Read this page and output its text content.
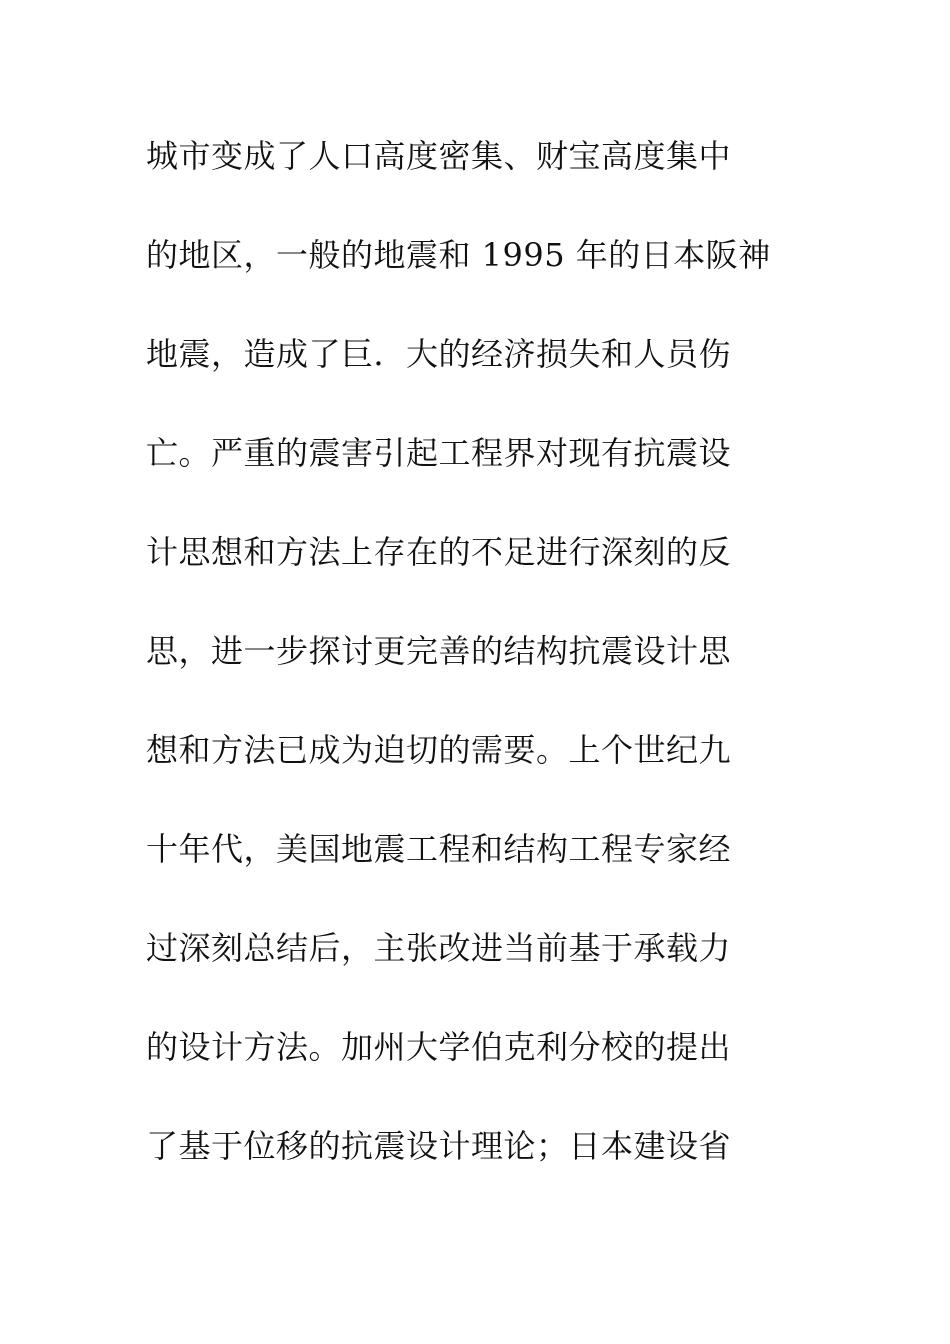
城市变成了人口高度密集、财宝高度集中
的地区，一般的地震和 1995 年的日本阪神
地震，造成了巨．大的经济损失和人员伤
亡。严重的震害引起工程界对现有抗震设
计思想和方法上存在的不足进行深刻的反
思，进一步探讨更完善的结构抗震设计思
想和方法已成为迫切的需要。上个世纪九
十年代，美国地震工程和结构工程专家经
过深刻总结后，主张改进当前基于承载力
的设计方法。加州大学伯克利分校的提出
了基于位移的抗震设计理论；日本建设省
